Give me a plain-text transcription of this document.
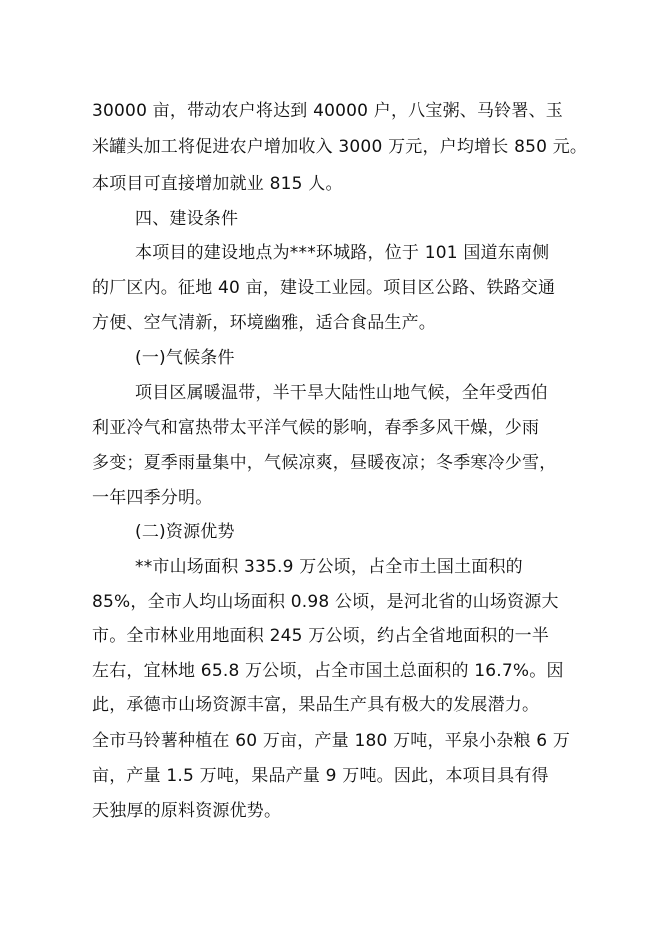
30000 亩，带动农户将达到 40000 户，八宝粥、马铃署、玉
米罐头加工将促进农户增加收入 3000 万元，户均增长 850 元。
本项目可直接增加就业 815 人。
四、建设条件
本项目的建设地点为***环城路，位于 101 国道东南侧
的厂区内。征地 40 亩，建设工业园。项目区公路、铁路交通
方便、空气清新，环境幽雅，适合食品生产。
(一)气候条件
项目区属暖温带，半干旱大陆性山地气候，全年受西伯
利亚冷气和富热带太平洋气候的影响，春季多风干燥，少雨
多变；夏季雨量集中，气候凉爽，昼暖夜凉；冬季寒冷少雪，
一年四季分明。
(二)资源优势
**市山场面积 335.9 万公顷，占全市土国土面积的
85%，全市人均山场面积 0.98 公顷，是河北省的山场资源大
市。全市林业用地面积 245 万公顷，约占全省地面积的一半
左右，宜林地 65.8 万公顷，占全市国土总面积的 16.7%。因
此，承德市山场资源丰富，果品生产具有极大的发展潜力。
全市马铃薯种植在 60 万亩，产量 180 万吨，平泉小杂粮 6 万
亩，产量 1.5 万吨，果品产量 9 万吨。因此，本项目具有得
天独厚的原料资源优势。
